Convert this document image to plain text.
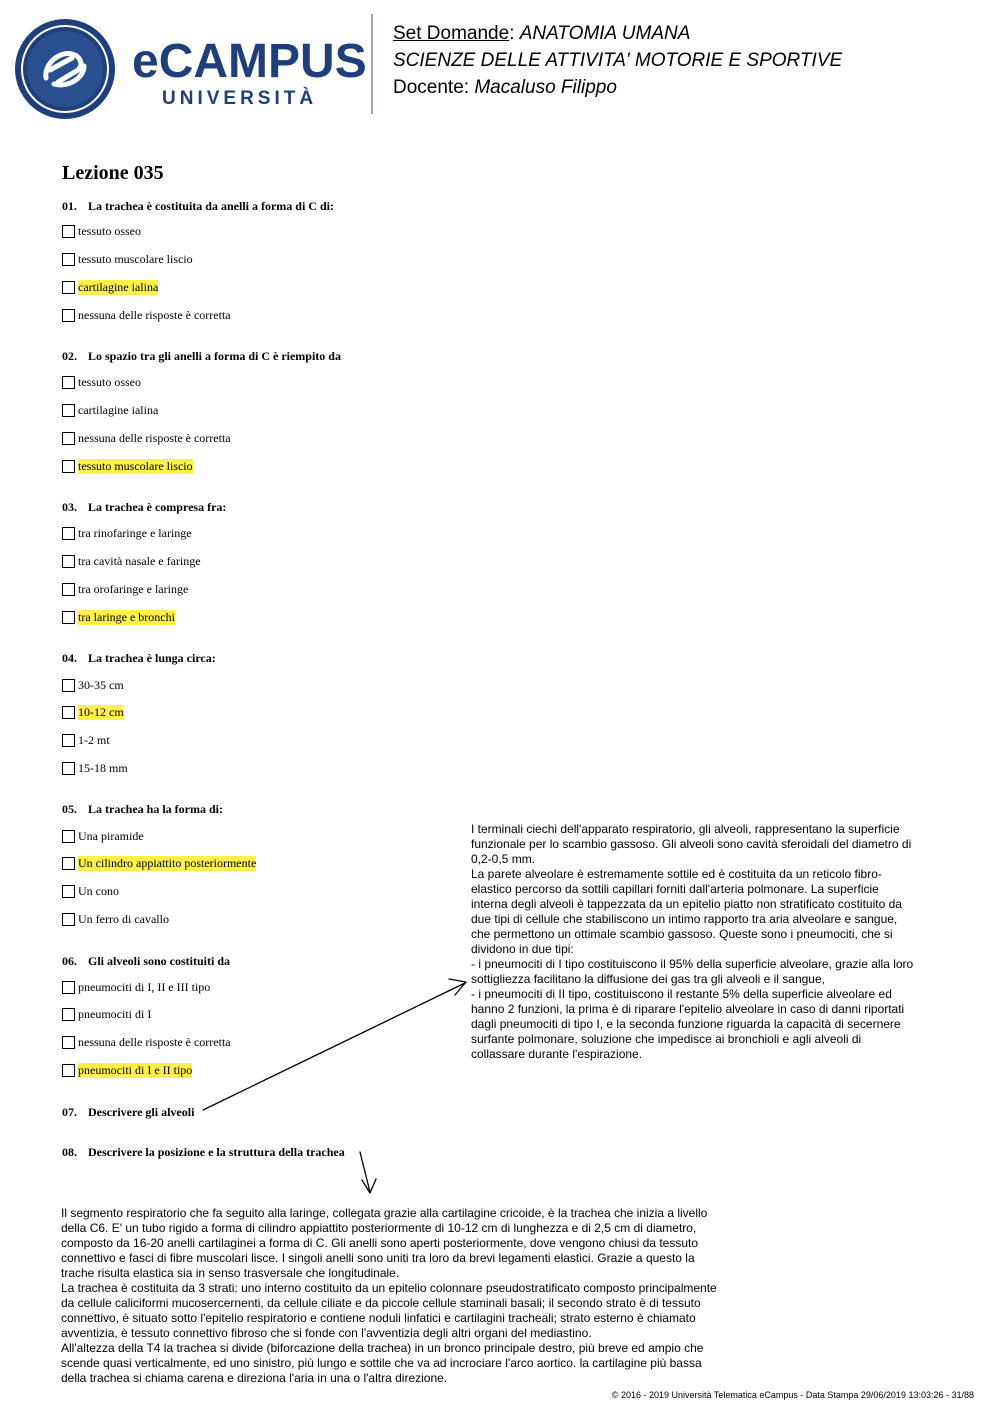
eCAMPUS
UNIVERSITÀ
Set Domande: ANATOMIA UMANA
SCIENZE DELLE ATTIVITA' MOTORIE E SPORTIVE
Docente: Macaluso Filippo
Lezione 035
01. La trachea è costituita da anelli a forma di C di:
tessuto osseo
tessuto muscolare liscio
cartilagine ialina
nessuna delle risposte è corretta
02. Lo spazio tra gli anelli a forma di C è riempito da
tessuto osseo
cartilagine ialina
nessuna delle risposte è corretta
tessuto muscolare liscio
03. La trachea è compresa fra:
tra rinofaringe e laringe
tra cavità nasale e faringe
tra orofaringe e laringe
tra laringe e bronchi
04. La trachea è lunga circa:
30-35 cm
10-12 cm
1-2 mt
15-18 mm
05. La trachea ha la forma di:
Una piramide
Un cilindro appiattito posteriormente
Un cono
Un ferro di cavallo
06. Gli alveoli sono costituiti da
pneumociti di I, II e III tipo
pneumociti di I
nessuna delle risposte è corretta
pneumociti di I e II tipo
07. Descrivere gli alveoli
08. Descrivere la posizione e la struttura della trachea
I terminali ciechi dell'apparato respiratorio, gli alveoli, rappresentano la superficie
funzionale per lo scambio gassoso. Gli alveoli sono cavità sferoidali del diametro di
0,2-0,5 mm.
La parete alveolare è estremamente sottile ed è costituita da un reticolo fibro-
elastico percorso da sottili capillari forniti dall'arteria polmonare. La superficie
interna degli alveoli è tappezzata da un epitelio piatto non stratificato costituito da
due tipi di cellule che stabiliscono un intimo rapporto tra aria alveolare e sangue,
che permettono un ottimale scambio gassoso. Queste sono i pneumociti, che si
dividono in due tipi:
- i pneumociti di I tipo costituiscono il 95% della superficie alveolare, grazie alla loro
sottigliezza facilitano la diffusione dei gas tra gli alveoli e il sangue,
- i pneumociti di II tipo, costituiscono il restante 5% della superficie alveolare ed
hanno 2 funzioni, la prima è di riparare l'epitelio alveolare in caso di danni riportati
dagli pneumociti di tipo I, e la seconda funzione riguarda la capacità di secernere
surfante polmonare, soluzione che impedisce ai bronchioli e agli alveoli di
collassare durante l'espirazione.
Il segmento respiratorio che fa seguito alla laringe, collegata grazie alla cartilagine cricoide, è la trachea che inizia a livello
della C6. E' un tubo rigido a forma di cilindro appiattito posteriormente di 10-12 cm di lunghezza e di 2,5 cm di diametro,
composto da 16-20 anelli cartilaginei a forma di C. Gli anelli sono aperti posteriormente, dove vengono chiusi da tessuto
connettivo e fasci di fibre muscolari lisce. I singoli anelli sono uniti tra loro da brevi legamenti elastici. Grazie a questo la
trache risulta elastica sia in senso trasversale che longitudinale.
La trachea è costituita da 3 strati: uno interno costituito da un epitelio colonnare pseudostratificato composto principalmente
da cellule caliciformi mucosercernenti, da cellule ciliate e da piccole cellule staminali basali; il secondo strato è di tessuto
connettivo, è situato sotto l'epitelio respiratorio e contiene noduli linfatici e cartilagini tracheali; strato esterno è chiamato
avventizia, è tessuto connettivo fibroso che si fonde con l'avventizia degli altri organi del mediastino.
All'altezza della T4 la trachea si divide (biforcazione della trachea) in un bronco principale destro, più breve ed ampio che
scende quasi verticalmente, ed uno sinistro, più lungo e sottile che va ad incrociare l'arco aortico. la cartilagine più bassa
della trachea si chiama carena e direziona l'aria in una o l'altra direzione.
© 2016 - 2019 Università Telematica eCampus - Data Stampa 29/06/2019 13:03:26 - 31/88
